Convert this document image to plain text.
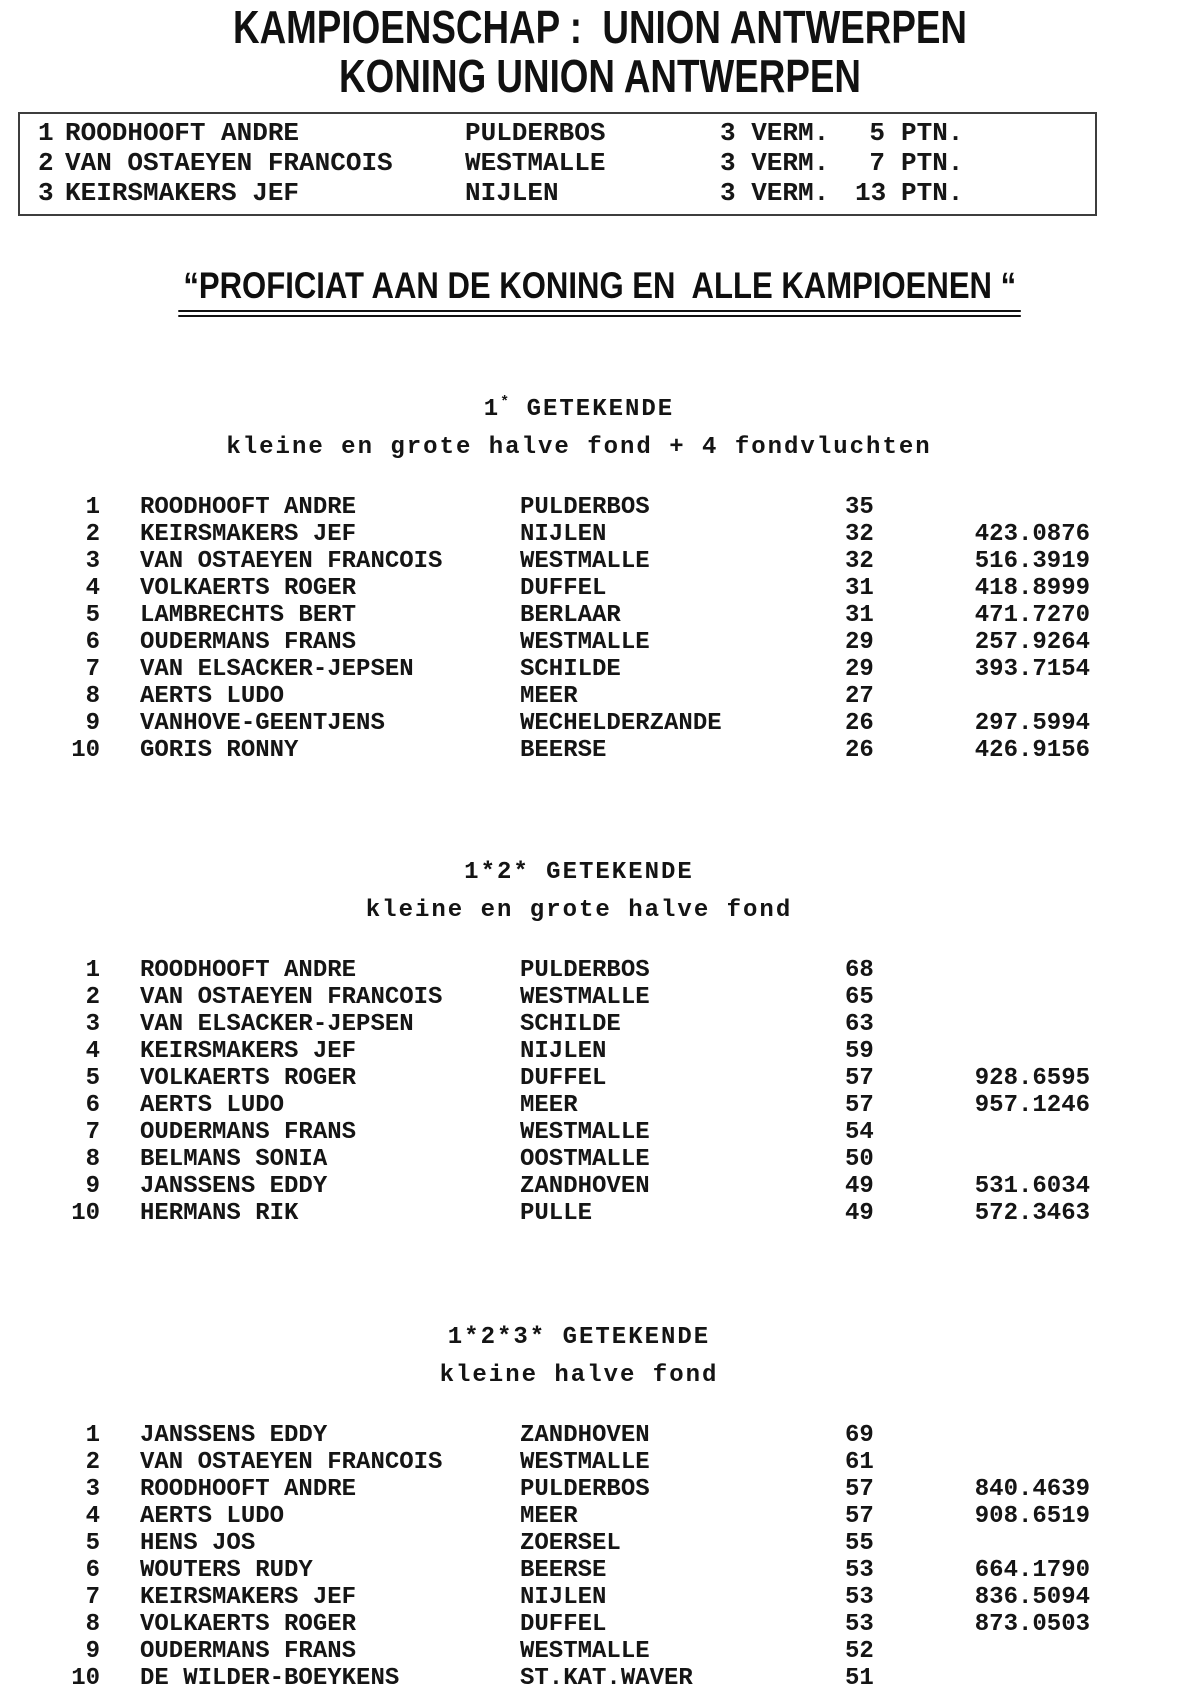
KAMPIOENSCHAP :  UNION ANTWERPEN
KONING UNION ANTWERPEN
1 ROODHOOFT ANDRE	PULDERBOS	3 VERM.	5 PTN.
2 VAN OSTAEYEN FRANCOIS	WESTMALLE	3 VERM.	7 PTN.
3 KEIRSMAKERS JEF	NIJLEN	3 VERM. 13 PTN.
“PROFICIAT AAN DE KONING EN  ALLE KAMPIOENEN “
1* GETEKENDE
kleine en grote halve fond + 4 fondvluchten
1	ROODHOOFT ANDRE	PULDERBOS	35
2	KEIRSMAKERS JEF	NIJLEN	32	423.0876
3	VAN OSTAEYEN FRANCOIS	WESTMALLE	32	516.3919
4	VOLKAERTS ROGER	DUFFEL	31	418.8999
5	LAMBRECHTS BERT	BERLAAR	31	471.7270
6	OUDERMANS FRANS	WESTMALLE	29	257.9264
7	VAN ELSACKER-JEPSEN	SCHILDE	29	393.7154
8	AERTS LUDO	MEER	27
9	VANHOVE-GEENTJENS	WECHELDERZANDE	26	297.5994
10	GORIS RONNY	BEERSE	26	426.9156
1*2* GETEKENDE
kleine en grote halve fond
1	ROODHOOFT ANDRE	PULDERBOS	68
2	VAN OSTAEYEN FRANCOIS	WESTMALLE	65
3	VAN ELSACKER-JEPSEN	SCHILDE	63
4	KEIRSMAKERS JEF	NIJLEN	59
5	VOLKAERTS ROGER	DUFFEL	57	928.6595
6	AERTS LUDO	MEER	57	957.1246
7	OUDERMANS FRANS	WESTMALLE	54
8	BELMANS SONIA	OOSTMALLE	50
9	JANSSENS EDDY	ZANDHOVEN	49	531.6034
10	HERMANS RIK	PULLE	49	572.3463
1*2*3* GETEKENDE
kleine halve fond
1	JANSSENS EDDY	ZANDHOVEN	69
2	VAN OSTAEYEN FRANCOIS	WESTMALLE	61
3	ROODHOOFT ANDRE	PULDERBOS	57	840.4639
4	AERTS LUDO	MEER	57	908.6519
5	HENS JOS	ZOERSEL	55
6	WOUTERS RUDY	BEERSE	53	664.1790
7	KEIRSMAKERS JEF	NIJLEN	53	836.5094
8	VOLKAERTS ROGER	DUFFEL	53	873.0503
9	OUDERMANS FRANS	WESTMALLE	52
10	DE WILDER-BOEYKENS	ST.KAT.WAVER	51
